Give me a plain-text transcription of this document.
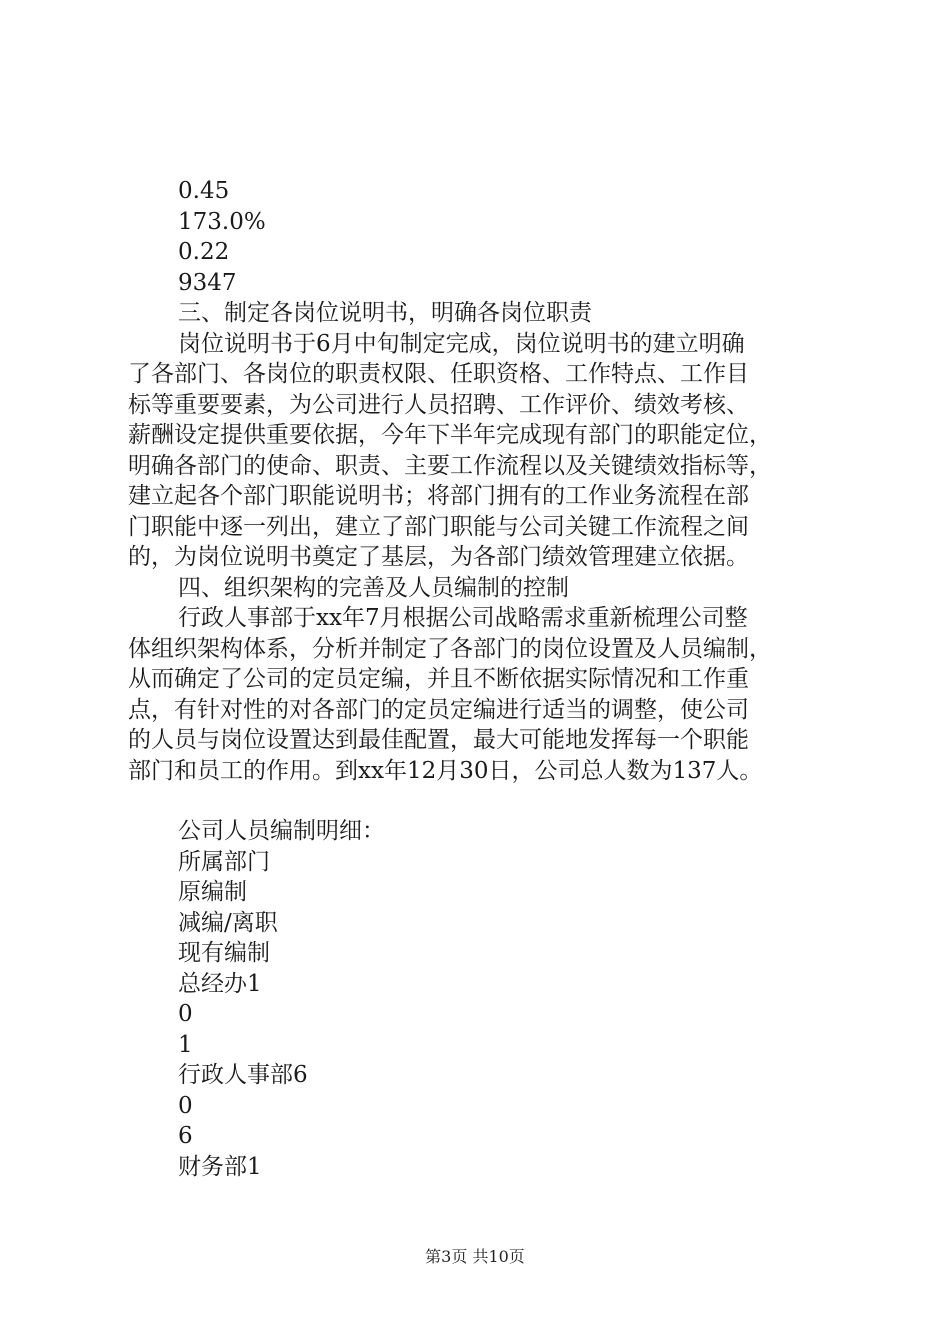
0.45
173.0%
0.22
9347
三、制定各岗位说明书，明确各岗位职责
岗位说明书于6月中旬制定完成，岗位说明书的建立明确
了各部门、各岗位的职责权限、任职资格、工作特点、工作目
标等重要要素，为公司进行人员招聘、工作评价、绩效考核、
薪酬设定提供重要依据，今年下半年完成现有部门的职能定位，
明确各部门的使命、职责、主要工作流程以及关键绩效指标等，
建立起各个部门职能说明书；将部门拥有的工作业务流程在部
门职能中逐一列出，建立了部门职能与公司关键工作流程之间
的，为岗位说明书奠定了基层，为各部门绩效管理建立依据。
四、组织架构的完善及人员编制的控制
行政人事部于xx年7月根据公司战略需求重新梳理公司整
体组织架构体系，分析并制定了各部门的岗位设置及人员编制，
从而确定了公司的定员定编，并且不断依据实际情况和工作重
点，有针对性的对各部门的定员定编进行适当的调整，使公司
的人员与岗位设置达到最佳配置，最大可能地发挥每一个职能
部门和员工的作用。到xx年12月30日，公司总人数为137人。
公司人员编制明细：
所属部门
原编制
减编/离职
现有编制
总经办1
0
1
行政人事部6
0
6
财务部1
第3页 共10页
